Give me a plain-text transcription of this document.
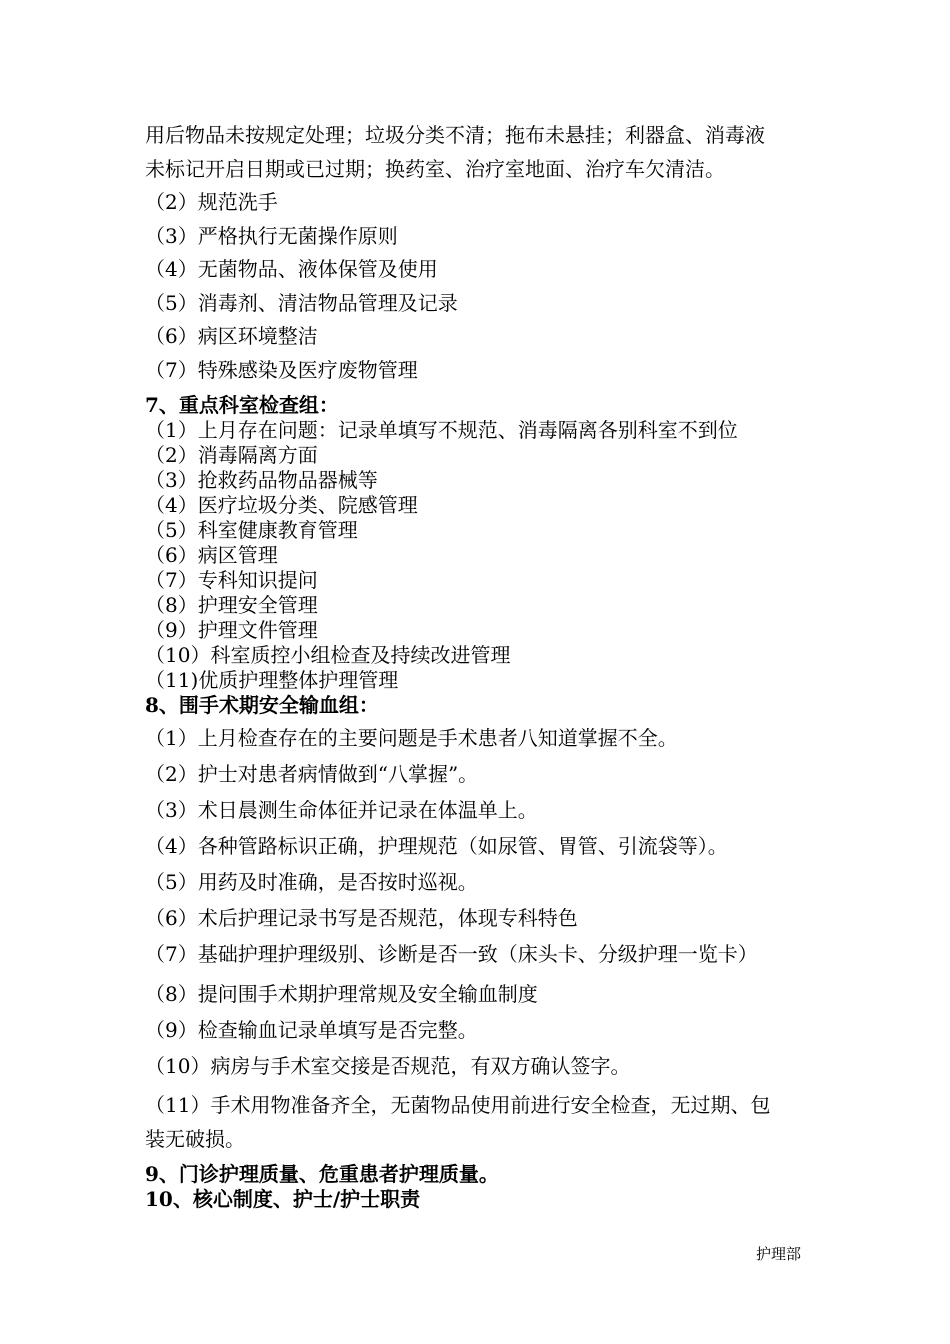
用后物品未按规定处理；垃圾分类不清；拖布未悬挂；利器盒、消毒液
未标记开启日期或已过期；换药室、治疗室地面、治疗车欠清洁。
（2）规范洗手
（3）严格执行无菌操作原则
（4）无菌物品、液体保管及使用
（5）消毒剂、清洁物品管理及记录
（6）病区环境整洁
（7）特殊感染及医疗废物管理
7、重点科室检查组：
（1）上月存在问题：记录单填写不规范、消毒隔离各别科室不到位
（2）消毒隔离方面
（3）抢救药品物品器械等
（4）医疗垃圾分类、院感管理
（5）科室健康教育管理
（6）病区管理
（7）专科知识提问
（8）护理安全管理
（9）护理文件管理
（10）科室质控小组检查及持续改进管理
（11)优质护理整体护理管理
8、围手术期安全输血组：
（1）上月检查存在的主要问题是手术患者八知道掌握不全。
（2）护士对患者病情做到“八掌握”。
（3）术日晨测生命体征并记录在体温单上。
（4）各种管路标识正确，护理规范（如尿管、胃管、引流袋等）。
（5）用药及时准确，是否按时巡视。
（6）术后护理记录书写是否规范，体现专科特色
（7）基础护理护理级别、诊断是否一致（床头卡、分级护理一览卡）
（8）提问围手术期护理常规及安全输血制度
（9）检查输血记录单填写是否完整。
（10）病房与手术室交接是否规范，有双方确认签字。
（11）手术用物准备齐全，无菌物品使用前进行安全检查，无过期、包
装无破损。
9、门诊护理质量、危重患者护理质量。
10、核心制度、护士/护士职责
护理部
